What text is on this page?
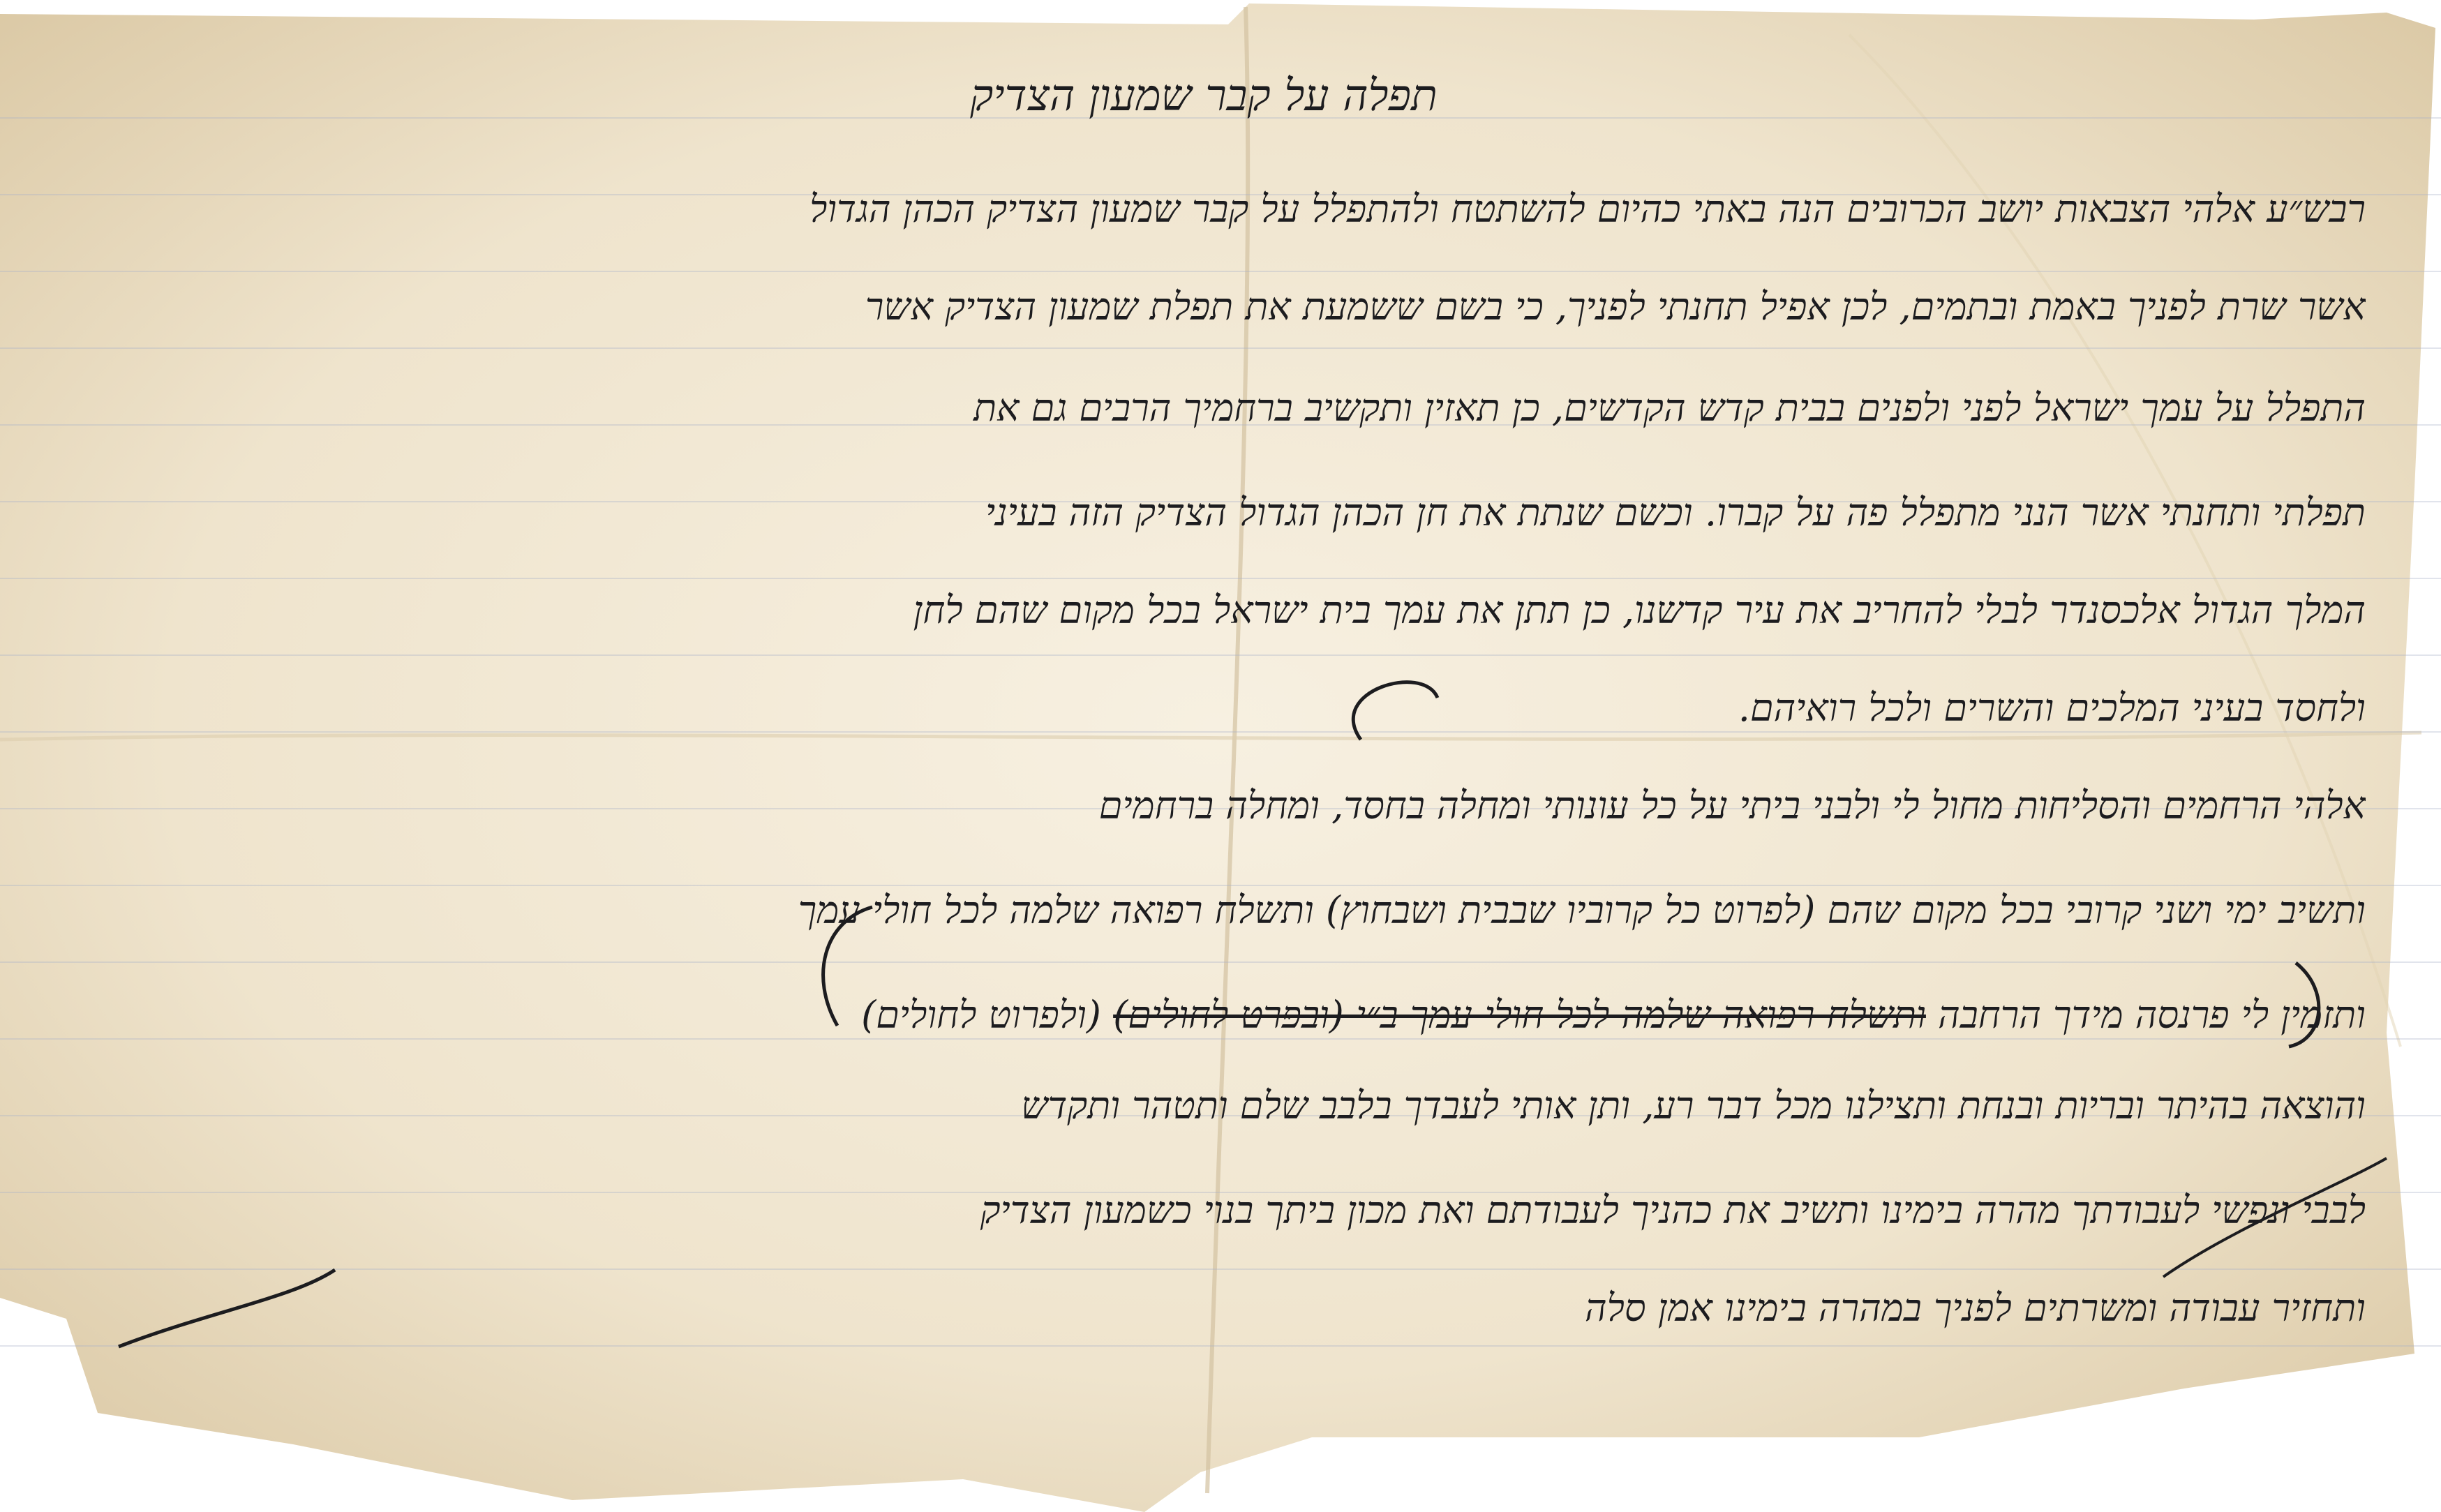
תפלה על קבר שמעון הצדיק
רבש״ע אלהי הצבאות יושב הכרובים הנה באתי כהיום להשתטח ולהתפלל על קבר שמעון הצדיק הכהן הגדול
אשר שרת לפניך באמת ובתמים, לכן אפיל תחנתי לפניך, כי בשם ששמעת את תפלת שמעון הצדיק אשר
התפלל על עמך ישראל לפני ולפנים בבית קדש הקדשים, כן תאזין ותקשיב ברחמיך הרבים גם את
תפלתי ותחנתי אשר הנני מתפלל פה על קברו. וכשם שנתת את חן הכהן הגדול הצדיק הזה בעיני
המלך הגדול אלכסנדר לבלי להחריב את עיר קדשנו, כן תתן את עמך בית ישראל בכל מקום שהם לחן
ולחסד בעיני המלכים והשרים ולכל רואיהם.
אלהי הרחמים והסליחות מחול לי ולבני ביתי על כל עונותי ומחלה בחסד, ומחלה ברחמים
ותשיב ימי ושני קרובי בכל מקום שהם (לפרוט כל קרוביו שבבית ושבחוץ) ותשלח רפואה שלמה לכל חולי עמך
ותזמין לי פרנסה מידך הרחבה ותשלח רפואה שלמה לכל חולי עמך ב״י (ובפרט לחולים) (ולפרוט לחולים)
והוצאה בהיתר ובריות ובנחת ותצילנו מכל דבר רע, ותן אותי לעבדך בלבב שלם ותטהר ותקדש
לבבי ונפשי לעבודתך מהרה בימינו ותשיב את כהניך לעבודתם ואת מכון ביתך בנוי כשמעון הצדיק
ותחזיר עבודה ומשרתים לפניך במהרה בימינו אמן סלה
